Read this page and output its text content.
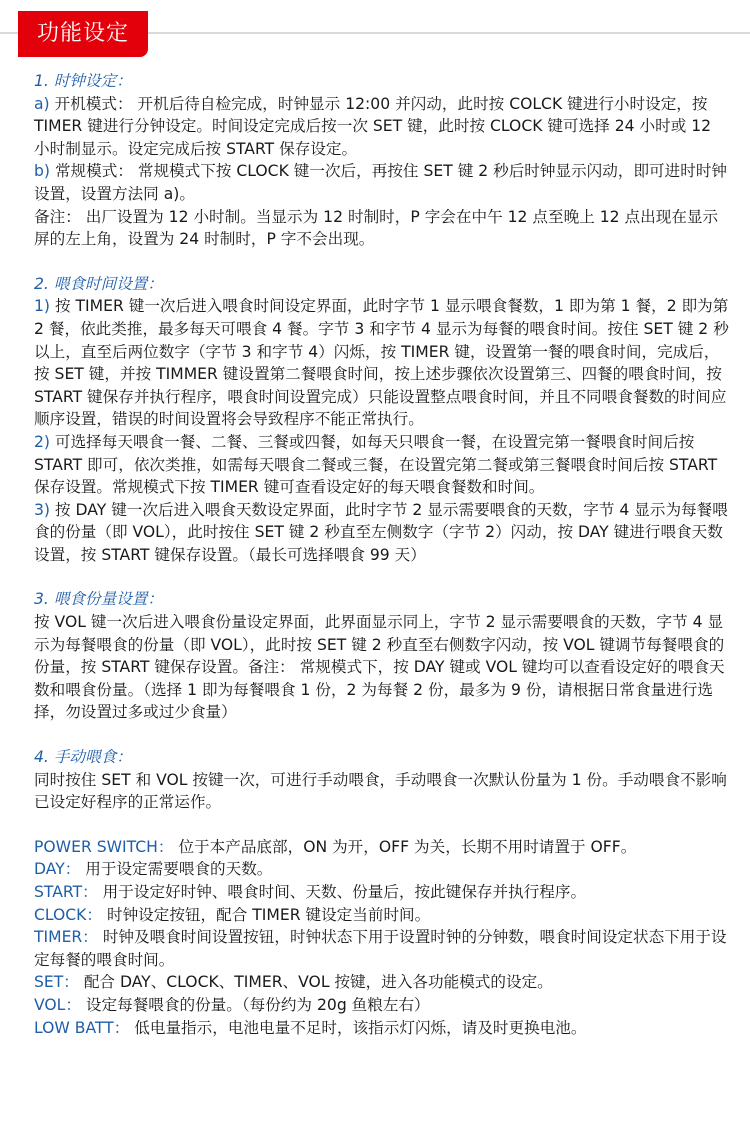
功能设定
1. 时钟设定：

a) 开机模式： 开机后待自检完成，时钟显示 12:00 并闪动，此时按 COLCK 键进行小时设定，按 TIMER 键进行分钟设定。时间设定完成后按一次 SET 键，此时按 CLOCK 键可选择 24 小时或 12 小时制显示。设定完成后按 START 保存设定。

b) 常规模式： 常规模式下按 CLOCK 键一次后，再按住 SET 键 2 秒后时钟显示闪动，即可进时时钟设置，设置方法同 a)。

备注： 出厂设置为 12 小时制。当显示为 12 时制时，P 字会在中午 12 点至晚上 12 点出现在显示屏的左上角，设置为 24 时制时，P 字不会出现。

2. 喂食时间设置：

1) 按 TIMER 键一次后进入喂食时间设定界面，此时字节 1 显示喂食餐数，1 即为第 1 餐，2 即为第 2 餐，依此类推，最多每天可喂食 4 餐。字节 3 和字节 4 显示为每餐的喂食时间。按住 SET 键 2 秒以上，直至后两位数字（字节 3 和字节 4）闪烁，按 TIMER 键，设置第一餐的喂食时间，完成后，按 SET 键，并按 TIMMER 键设置第二餐喂食时间，按上述步骤依次设置第三、四餐的喂食时间，按 START 键保存并执行程序，喂食时间设置完成）只能设置整点喂食时间，并且不同喂食餐数的时间应顺序设置，错误的时间设置将会导致程序不能正常执行。

2) 可选择每天喂食一餐、二餐、三餐或四餐，如每天只喂食一餐，在设置完第一餐喂食时间后按 START 即可，依次类推，如需每天喂食二餐或三餐，在设置完第二餐或第三餐喂食时间后按 START 保存设置。常规模式下按 TIMER 键可查看设定好的每天喂食餐数和时间。

3) 按 DAY 键一次后进入喂食天数设定界面，此时字节 2 显示需要喂食的天数，字节 4 显示为每餐喂食的份量（即 VOL），此时按住 SET 键 2 秒直至左侧数字（字节 2）闪动，按 DAY 键进行喂食天数设置，按 START 键保存设置。（最长可选择喂食 99 天）

3. 喂食份量设置：

按 VOL 键一次后进入喂食份量设定界面，此界面显示同上，字节 2 显示需要喂食的天数，字节 4 显示为每餐喂食的份量（即 VOL），此时按 SET 键 2 秒直至右侧数字闪动，按 VOL 键调节每餐喂食的份量，按 START 键保存设置。备注： 常规模式下，按 DAY 键或 VOL 键均可以查看设定好的喂食天数和喂食份量。（选择 1 即为每餐喂食 1 份，2 为每餐 2 份，最多为 9 份，请根据日常食量进行选择，勿设置过多或过少食量）

4. 手动喂食：

同时按住 SET 和 VOL 按键一次，可进行手动喂食，手动喂食一次默认份量为 1 份。手动喂食不影响已设定好程序的正常运作。

POWER SWITCH： 位于本产品底部，ON 为开，OFF 为关，长期不用时请置于 OFF。

DAY： 用于设定需要喂食的天数。

START： 用于设定好时钟、喂食时间、天数、份量后，按此键保存并执行程序。

CLOCK： 时钟设定按钮，配合 TIMER 键设定当前时间。

TIMER： 时钟及喂食时间设置按钮，时钟状态下用于设置时钟的分钟数，喂食时间设定状态下用于设定每餐的喂食时间。

SET： 配合 DAY、CLOCK、TIMER、VOL 按键，进入各功能模式的设定。

VOL： 设定每餐喂食的份量。（每份约为 20g 鱼粮左右）

LOW BATT： 低电量指示，电池电量不足时，该指示灯闪烁，请及时更换电池。
